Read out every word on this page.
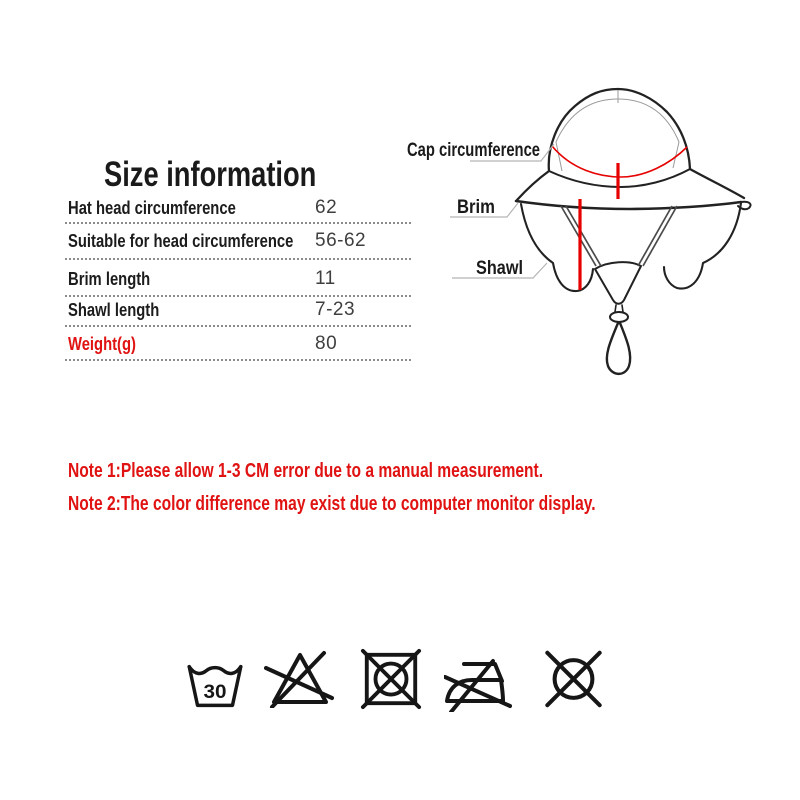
Size information
Hat head circumference	62
Suitable for head circumference	56-62
Brim length	11
Shawl length	7-23
Weight(g)	80
Cap circumference
Brim
Shawl

Note 1:Please allow 1-3 CM error due to a manual measurement.

Note 2:The color difference may exist due to computer monitor display.

30
